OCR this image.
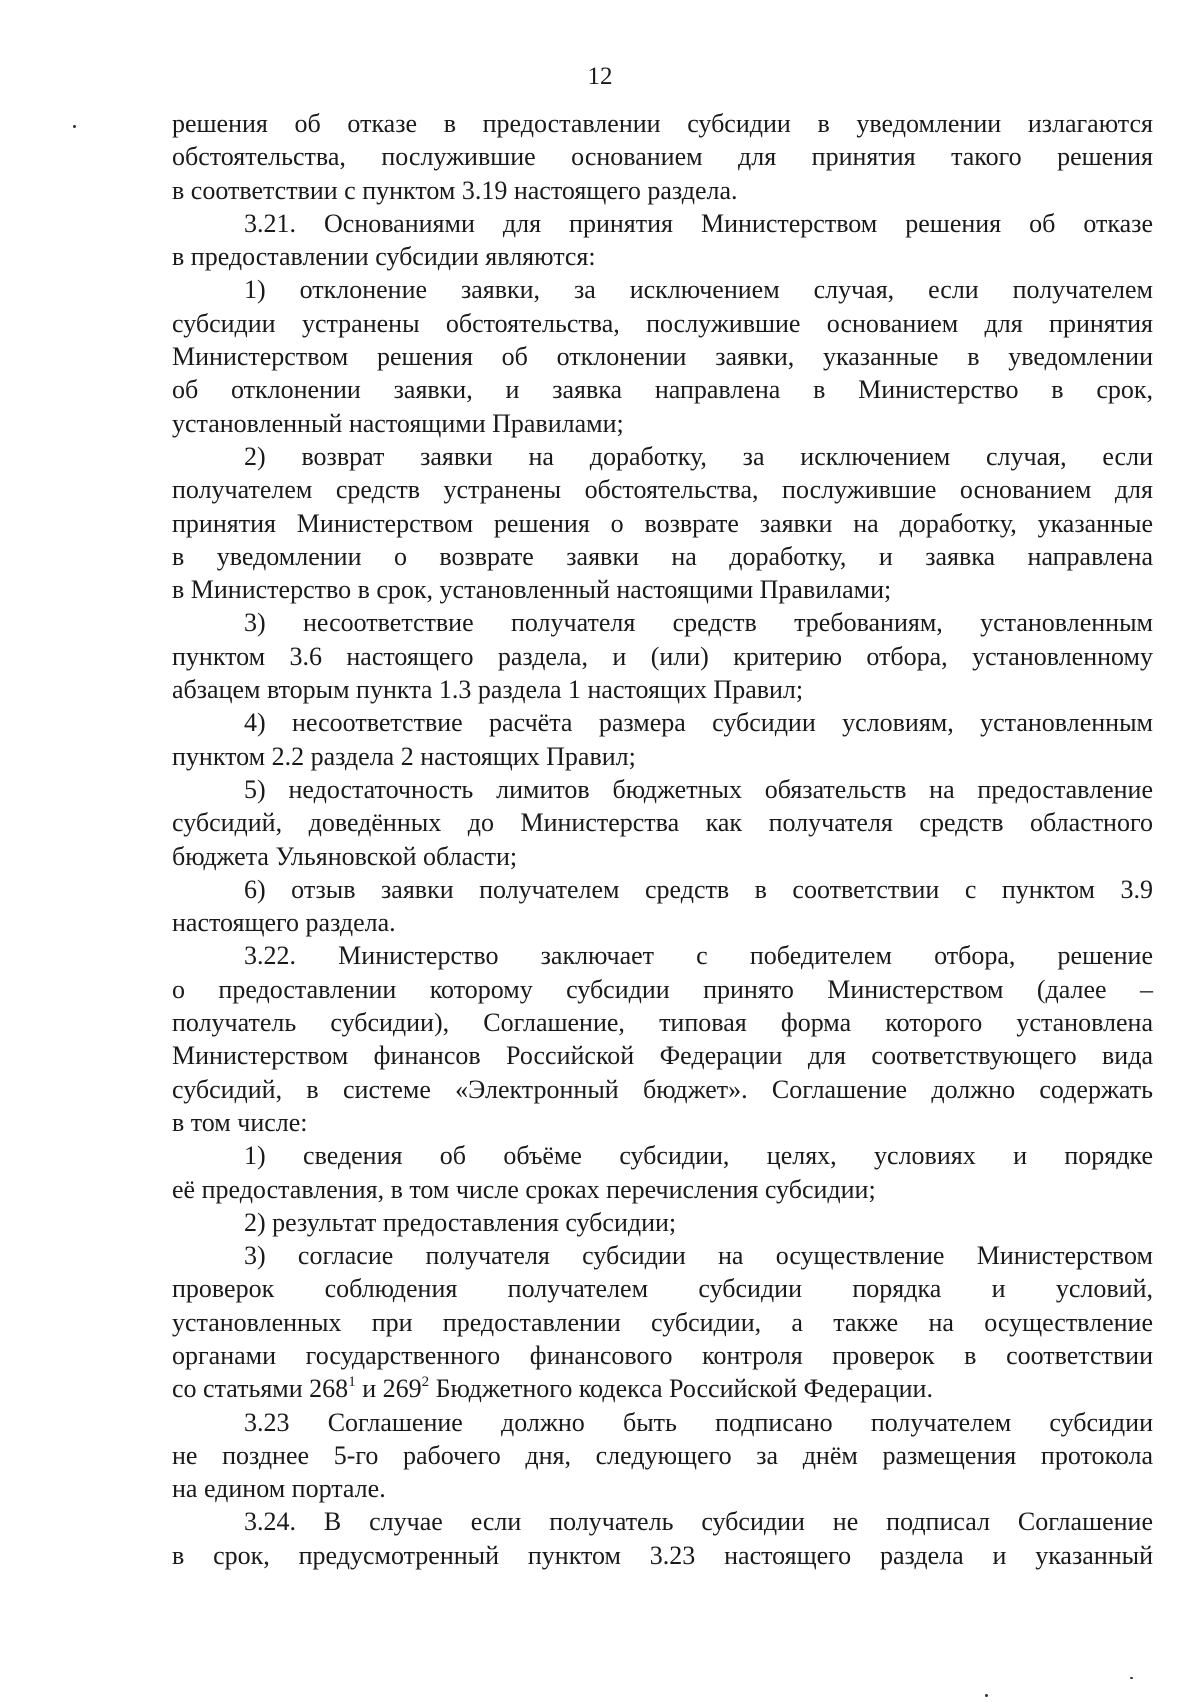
12
решения об отказе в предоставлении субсидии в уведомлении излагаются
обстоятельства, послужившие основанием для принятия такого решения
в соответствии с пунктом 3.19 настоящего раздела.
3.21. Основаниями для принятия Министерством решения об отказе
в предоставлении субсидии являются:
1) отклонение заявки, за исключением случая, если получателем
субсидии устранены обстоятельства, послужившие основанием для принятия
Министерством решения об отклонении заявки, указанные в уведомлении
об отклонении заявки, и заявка направлена в Министерство в срок,
установленный настоящими Правилами;
2) возврат заявки на доработку, за исключением случая, если
получателем средств устранены обстоятельства, послужившие основанием для
принятия Министерством решения о возврате заявки на доработку, указанные
в уведомлении о возврате заявки на доработку, и заявка направлена
в Министерство в срок, установленный настоящими Правилами;
3) несоответствие получателя средств требованиям, установленным
пунктом 3.6 настоящего раздела, и (или) критерию отбора, установленному
абзацем вторым пункта 1.3 раздела 1 настоящих Правил;
4) несоответствие расчёта размера субсидии условиям, установленным
пунктом 2.2 раздела 2 настоящих Правил;
5) недостаточность лимитов бюджетных обязательств на предоставление
субсидий, доведённых до Министерства как получателя средств областного
бюджета Ульяновской области;
6) отзыв заявки получателем средств в соответствии с пунктом 3.9
настоящего раздела.
3.22. Министерство заключает с победителем отбора, решение
о предоставлении которому субсидии принято Министерством (далее –
получатель субсидии), Соглашение, типовая форма которого установлена
Министерством финансов Российской Федерации для соответствующего вида
субсидий, в системе «Электронный бюджет». Соглашение должно содержать
в том числе:
1) сведения об объёме субсидии, целях, условиях и порядке
её предоставления, в том числе сроках перечисления субсидии;
2) результат предоставления субсидии;
3) согласие получателя субсидии на осуществление Министерством
проверок соблюдения получателем субсидии порядка и условий,
установленных при предоставлении субсидии, а также на осуществление
органами государственного финансового контроля проверок в соответствии
со статьями $268^1$ и $269^2$ Бюджетного кодекса Российской Федерации.
3.23 Соглашение должно быть подписано получателем субсидии
не позднее 5-го рабочего дня, следующего за днём размещения протокола
на едином портале.
3.24. В случае если получатель субсидии не подписал Соглашение
в срок, предусмотренный пунктом 3.23 настоящего раздела и указанный
